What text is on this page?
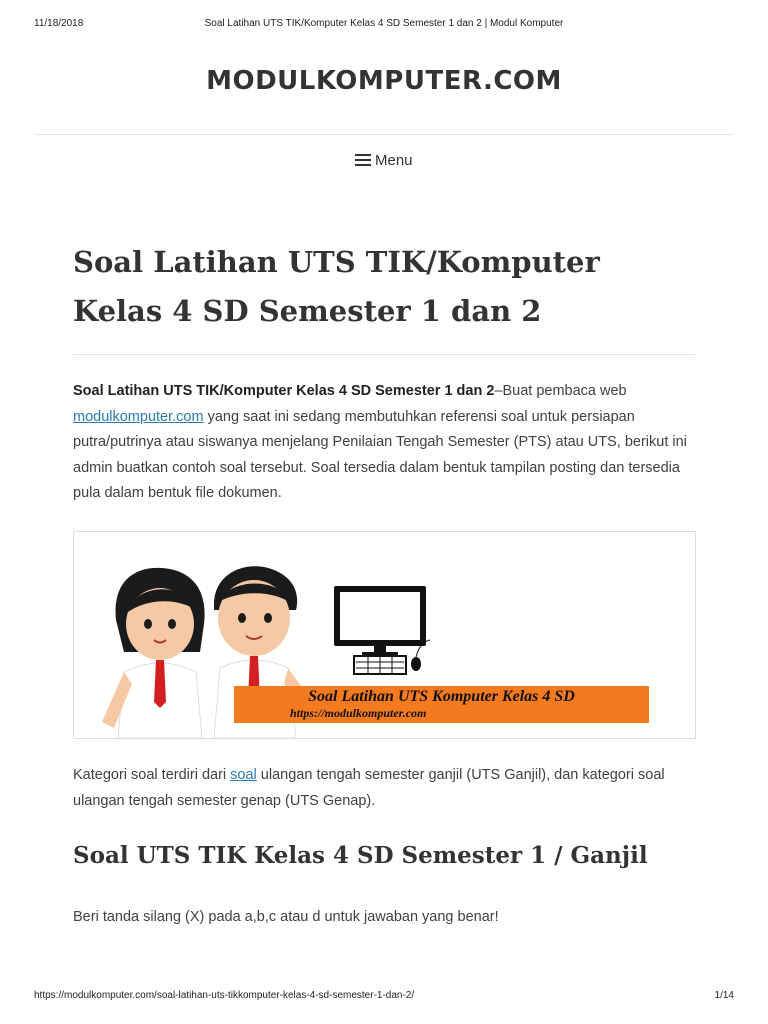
11/18/2018	Soal Latihan UTS TIK/Komputer Kelas 4 SD Semester 1 dan 2 | Modul Komputer
MODULKOMPUTER.COM
Menu
Soal Latihan UTS TIK/Komputer Kelas 4 SD Semester 1 dan 2

Soal Latihan UTS TIK/Komputer Kelas 4 SD Semester 1 dan 2–Buat pembaca web modulkomputer.com yang saat ini sedang membutuhkan referensi soal untuk persiapan putra/putrinya atau siswanya menjelang Penilaian Tengah Semester (PTS) atau UTS, berikut ini admin buatkan contoh soal tersebut. Soal tersedia dalam bentuk tampilan posting dan tersedia pula dalam bentuk file dokumen.

Soal Latihan UTS Komputer Kelas 4 SD
https://modulkomputer.com

Kategori soal terdiri dari soal ulangan tengah semester ganjil (UTS Ganjil), dan kategori soal ulangan tengah semester genap (UTS Genap).

Soal UTS TIK Kelas 4 SD Semester 1 / Ganjil

Beri tanda silang (X) pada a,b,c atau d untuk jawaban yang benar!

https://modulkomputer.com/soal-latihan-uts-tikkomputer-kelas-4-sd-semester-1-dan-2/	1/14
